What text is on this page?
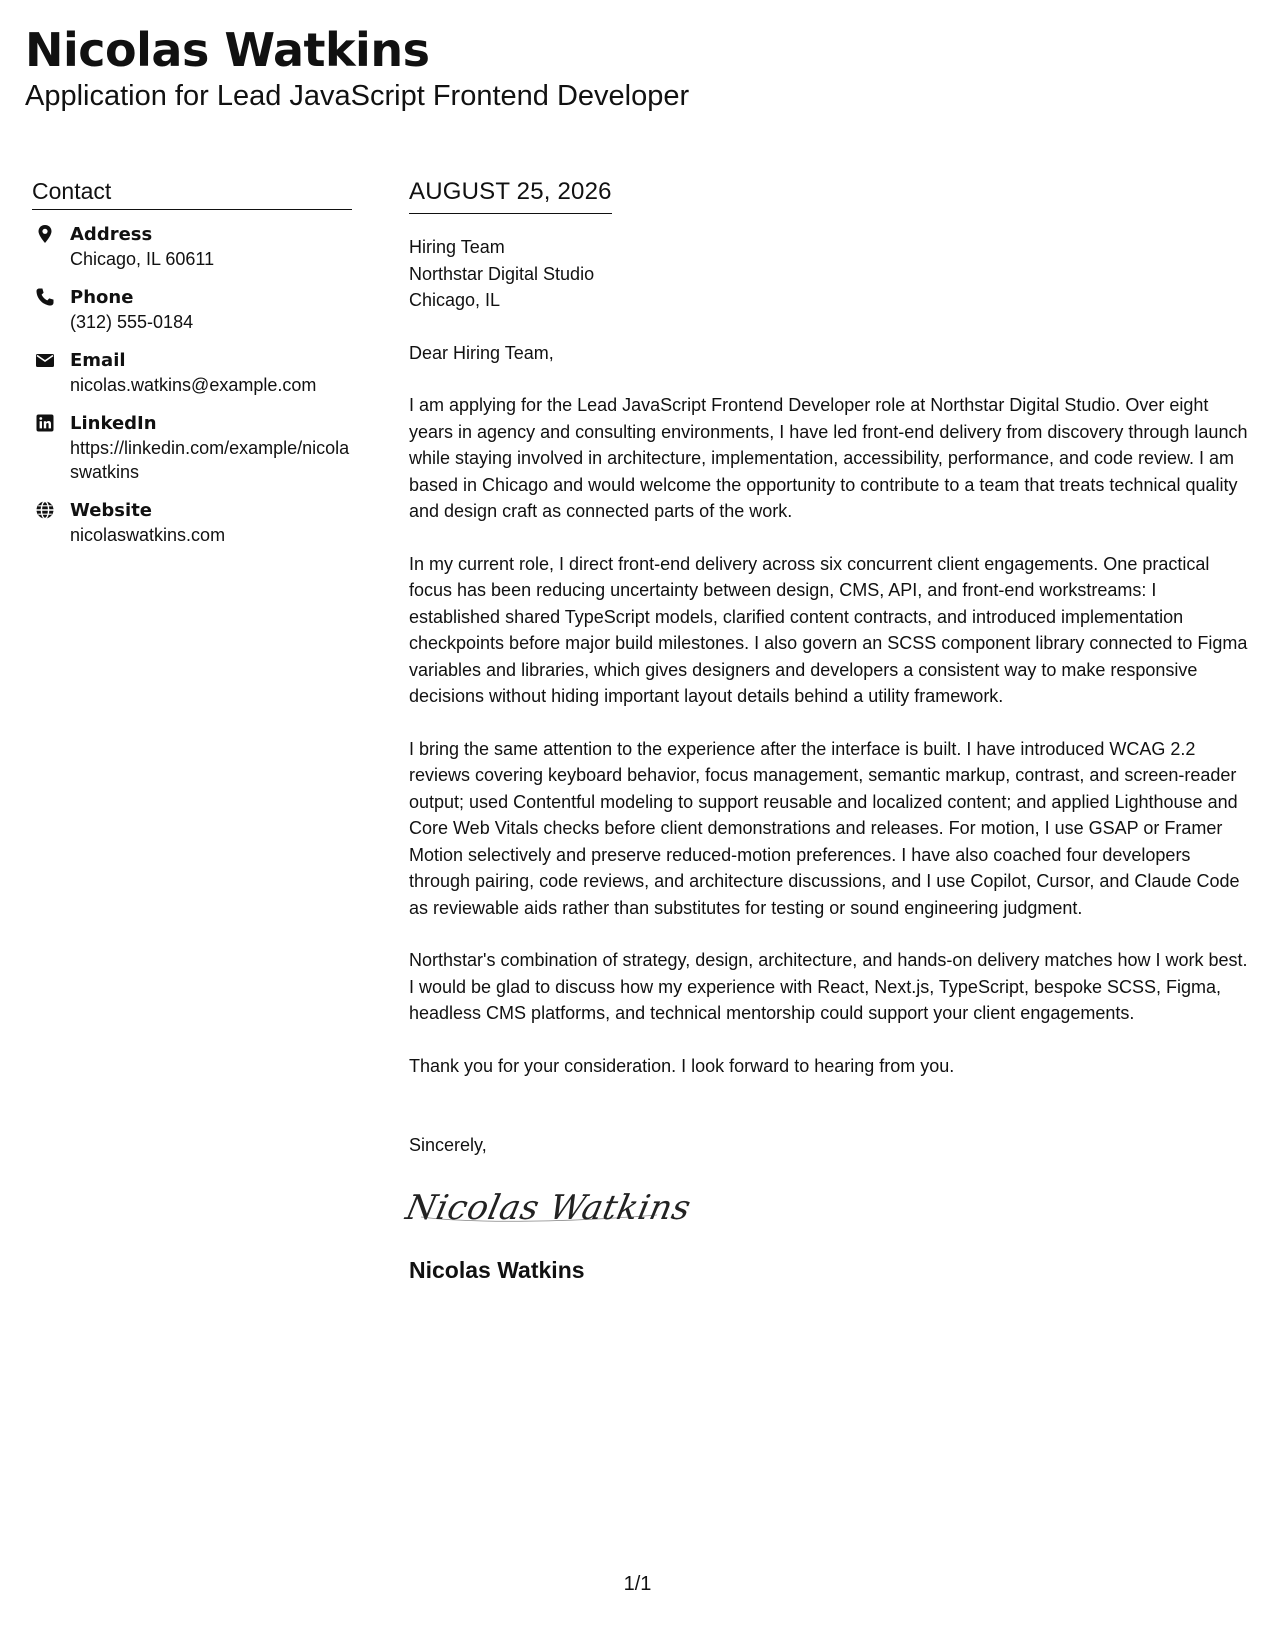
Nicolas Watkins
Application for Lead JavaScript Frontend Developer
Contact
Address
Chicago, IL 60611
Phone
(312) 555-0184
Email
nicolas.watkins@example.com
LinkedIn
https://linkedin.com/example/nicolaswatkins
Website
nicolaswatkins.com
AUGUST 25, 2026
Hiring Team
Northstar Digital Studio
Chicago, IL
Dear Hiring Team,
I am applying for the Lead JavaScript Frontend Developer role at Northstar Digital Studio. Over eight years in agency and consulting environments, I have led front-end delivery from discovery through launch while staying involved in architecture, implementation, accessibility, performance, and code review. I am based in Chicago and would welcome the opportunity to contribute to a team that treats technical quality and design craft as connected parts of the work.
In my current role, I direct front-end delivery across six concurrent client engagements. One practical focus has been reducing uncertainty between design, CMS, API, and front-end workstreams: I established shared TypeScript models, clarified content contracts, and introduced implementation checkpoints before major build milestones. I also govern an SCSS component library connected to Figma variables and libraries, which gives designers and developers a consistent way to make responsive decisions without hiding important layout details behind a utility framework.
I bring the same attention to the experience after the interface is built. I have introduced WCAG 2.2 reviews covering keyboard behavior, focus management, semantic markup, contrast, and screen-reader output; used Contentful modeling to support reusable and localized content; and applied Lighthouse and Core Web Vitals checks before client demonstrations and releases. For motion, I use GSAP or Framer Motion selectively and preserve reduced-motion preferences. I have also coached four developers through pairing, code reviews, and architecture discussions, and I use Copilot, Cursor, and Claude Code as reviewable aids rather than substitutes for testing or sound engineering judgment.
Northstar's combination of strategy, design, architecture, and hands-on delivery matches how I work best. I would be glad to discuss how my experience with React, Next.js, TypeScript, bespoke SCSS, Figma, headless CMS platforms, and technical mentorship could support your client engagements.
Thank you for your consideration. I look forward to hearing from you.
Sincerely,
Nicolas Watkins
Nicolas Watkins
1/1
